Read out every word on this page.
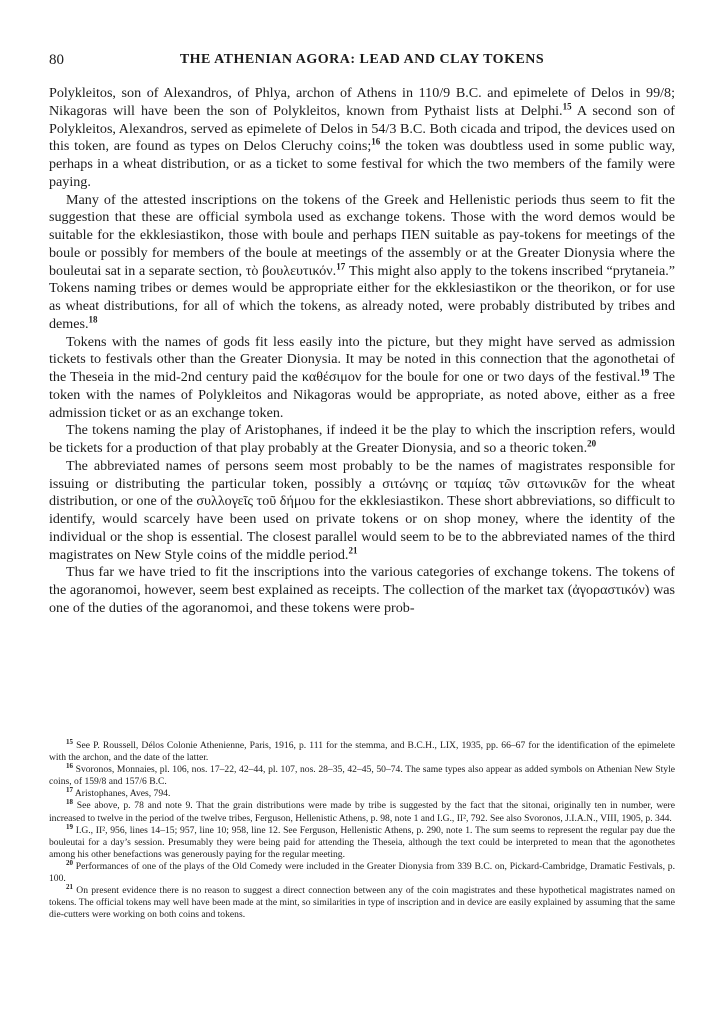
80	THE ATHENIAN AGORA: LEAD AND CLAY TOKENS

Polykleitos, son of Alexandros, of Phlya, archon of Athens in 110/9 B.C. and epimelete of Delos in 99/8; Nikagoras will have been the son of Polykleitos, known from Pythaist lists at Delphi.$^{15}$ A second son of Polykleitos, Alexandros, served as epimelete of Delos in 54/3 B.C. Both cicada and tripod, the devices used on this token, are found as types on Delos Cleruchy coins;$^{16}$ the token was doubtless used in some public way, perhaps in a wheat distribution, or as a ticket to some festival for which the two members of the family were paying.

Many of the attested inscriptions on the tokens of the Greek and Hellenistic periods thus seem to fit the suggestion that these are official symbola used as exchange tokens. Those with the word demos would be suitable for the ekklesiastikon, those with boule and perhaps ΠΕΝ suitable as pay-tokens for meetings of the boule or possibly for members of the boule at meetings of the assembly or at the Greater Dionysia where the bouleutai sat in a separate section, τὸ βουλευτικόν.$^{17}$ This might also apply to the tokens inscribed “prytaneia.” Tokens naming tribes or demes would be appropriate either for the ekklesiastikon or the theorikon, or for use as wheat distributions, for all of which the tokens, as already noted, were probably distributed by tribes and demes.$^{18}$

Tokens with the names of gods fit less easily into the picture, but they might have served as admission tickets to festivals other than the Greater Dionysia. It may be noted in this connection that the agonothetai of the Theseia in the mid-2nd century paid the καθέσιμον for the boule for one or two days of the festival.$^{19}$ The token with the names of Polykleitos and Nikagoras would be appropriate, as noted above, either as a free admission ticket or as an exchange token.

The tokens naming the play of Aristophanes, if indeed it be the play to which the inscription refers, would be tickets for a production of that play probably at the Greater Dionysia, and so a theoric token.$^{20}$

The abbreviated names of persons seem most probably to be the names of magistrates responsible for issuing or distributing the particular token, possibly a σιτώνης or ταμίας τῶν σιτωνικῶν for the wheat distribution, or one of the συλλογεῖς τοῦ δήμου for the ekklesiastikon. These short abbreviations, so difficult to identify, would scarcely have been used on private tokens or on shop money, where the identity of the individual or the shop is essential. The closest parallel would seem to be to the abbreviated names of the third magistrates on New Style coins of the middle period.$^{21}$

Thus far we have tried to fit the inscriptions into the various categories of exchange tokens. The tokens of the agoranomoi, however, seem best explained as receipts. The collection of the market tax (ἀγοραστικόν) was one of the duties of the agoranomoi, and these tokens were prob-

$^{15}$ See P. Roussell, Délos Colonie Athenienne, Paris, 1916, p. 111 for the stemma, and B.C.H., LIX, 1935, pp. 66–67 for the identification of the epimelete with the archon, and the date of the latter.

$^{16}$ Svoronos, Monnaies, pl. 106, nos. 17–22, 42–44, pl. 107, nos. 28–35, 42–45, 50–74. The same types also appear as added symbols on Athenian New Style coins, of 159/8 and 157/6 B.C.

$^{17}$ Aristophanes, Aves, 794.

$^{18}$ See above, p. 78 and note 9. That the grain distributions were made by tribe is suggested by the fact that the sitonai, originally ten in number, were increased to twelve in the period of the twelve tribes, Ferguson, Hellenistic Athens, p. 98, note 1 and I.G., II², 792. See also Svoronos, J.I.A.N., VIII, 1905, p. 344.

$^{19}$ I.G., II², 956, lines 14–15; 957, line 10; 958, line 12. See Ferguson, Hellenistic Athens, p. 290, note 1. The sum seems to represent the regular pay due the bouleutai for a day’s session. Presumably they were being paid for attending the Theseia, although the text could be interpreted to mean that the agonothetes among his other benefactions was generously paying for the regular meeting.

$^{20}$ Performances of one of the plays of the Old Comedy were included in the Greater Dionysia from 339 B.C. on, Pickard-Cambridge, Dramatic Festivals, p. 100.

$^{21}$ On present evidence there is no reason to suggest a direct connection between any of the coin magistrates and these hypothetical magistrates named on tokens. The official tokens may well have been made at the mint, so similarities in type of inscription and in device are easily explained by assuming that the same die-cutters were working on both coins and tokens.
